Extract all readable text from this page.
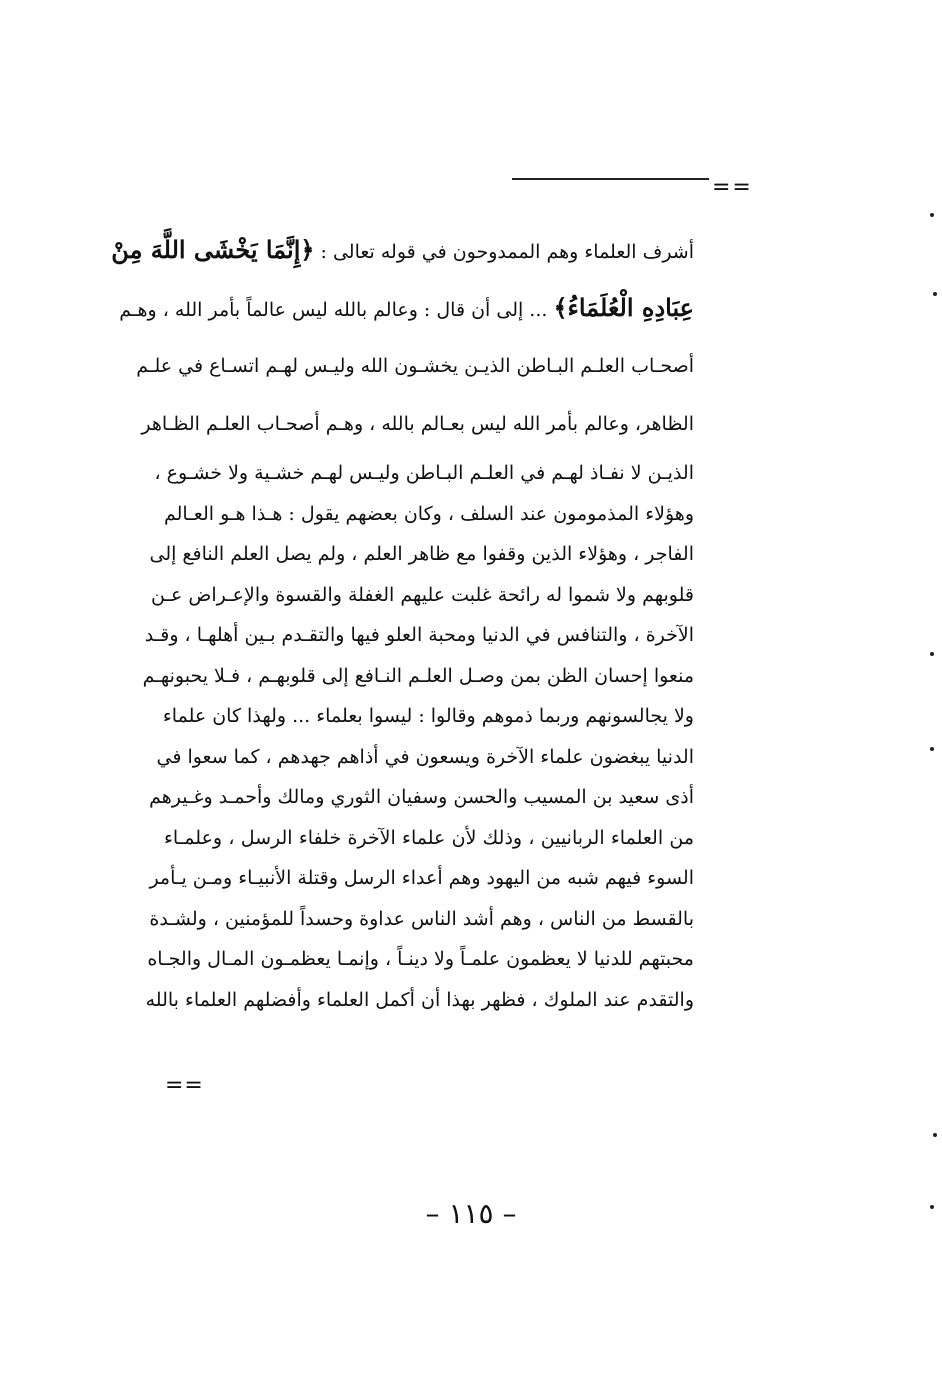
==
أشرف العلماء وهم الممدوحون في قوله تعالى : ﴿إِنَّمَا يَخْشَى اللَّهَ مِنْ
عِبَادِهِ الْعُلَمَاءُ﴾ ... إلى أن قال : وعالم بالله ليس عالماً بأمر الله ، وهـم
أصحـاب العلـم البـاطن الذيـن يخشـون الله وليـس لهـم اتسـاع في علـم
الظاهر، وعالم بأمر الله ليس بعـالم بالله ، وهـم أصحـاب العلـم الظـاهر
الذيـن لا نفـاذ لهـم في العلـم البـاطن وليـس لهـم خشـية ولا خشـوع ،
وهؤلاء المذمومون عند السلف ، وكان بعضهم يقول : هـذا هـو العـالم
الفاجر ، وهؤلاء الذين وقفوا مع ظاهر العلم ، ولم يصل العلم النافع إلى
قلوبهم ولا شموا له رائحة غلبت عليهم الغفلة والقسوة والإعـراض عـن
الآخرة ، والتنافس في الدنيا ومحبة العلو فيها والتقـدم بـين أهلهـا ، وقـد
منعوا إحسان الظن بمن وصـل العلـم النـافع إلى قلوبهـم ، فـلا يحبونهـم
ولا يجالسونهم وربما ذموهم وقالوا : ليسوا بعلماء ... ولهذا كان علماء
الدنيا يبغضون علماء الآخرة ويسعون في أذاهم جهدهم ، كما سعوا في
أذى سعيد بن المسيب والحسن وسفيان الثوري ومالك وأحمـد وغـيرهم
من العلماء الربانيين ، وذلك لأن علماء الآخرة خلفاء الرسل ، وعلمـاء
السوء فيهم شبه من اليهود وهم أعداء الرسل وقتلة الأنبيـاء ومـن يـأمر
بالقسط من الناس ، وهم أشد الناس عداوة وحسداً للمؤمنين ، ولشـدة
محبتهم للدنيا لا يعظمون علمـاً ولا دينـاً ، وإنمـا يعظمـون المـال والجـاه
والتقدم عند الملوك ، فظهر بهذا أن أكمل العلماء وأفضلهم العلماء بالله
==
– ١١٥ –
